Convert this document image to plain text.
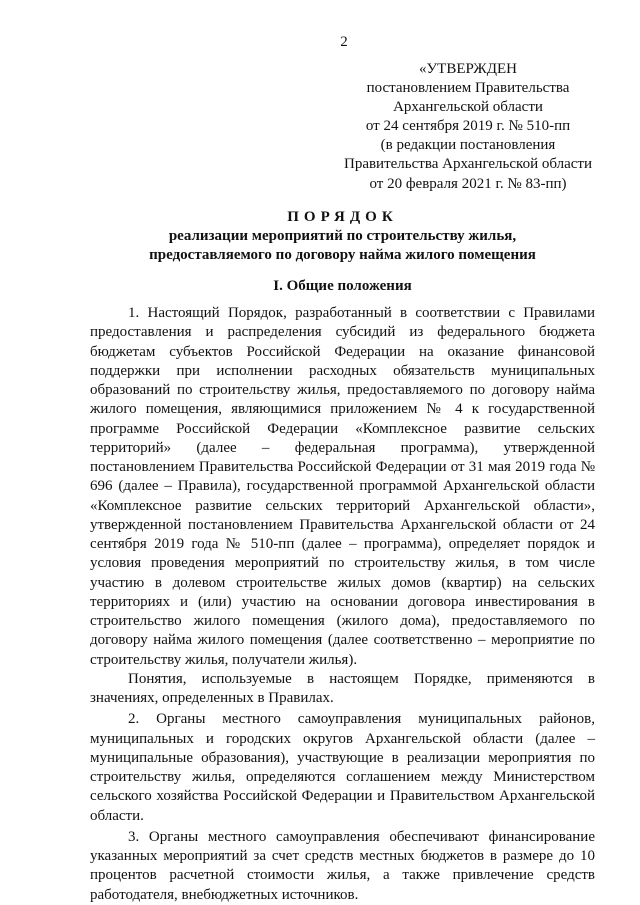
2
«УТВЕРЖДЕН
постановлением Правительства
Архангельской области
от 24 сентября 2019 г. № 510-пп
(в редакции постановления
Правительства Архангельской области
от 20 февраля 2021 г. № 83-пп)
ПОРЯДОК
реализации мероприятий по строительству жилья,
предоставляемого по договору найма жилого помещения
I. Общие положения

1. Настоящий Порядок, разработанный в соответствии с Правилами предоставления и распределения субсидий из федерального бюджета бюджетам субъектов Российской Федерации на оказание финансовой поддержки при исполнении расходных обязательств муниципальных образований по строительству жилья, предоставляемого по договору найма жилого помещения, являющимися приложением № 4 к государственной программе Российской Федерации «Комплексное развитие сельских территорий» (далее – федеральная программа), утвержденной постановлением Правительства Российской Федерации от 31 мая 2019 года № 696 (далее – Правила), государственной программой Архангельской области «Комплексное развитие сельских территорий Архангельской области», утвержденной постановлением Правительства Архангельской области от 24 сентября 2019 года № 510-пп (далее – программа), определяет порядок и условия проведения мероприятий по строительству жилья, в том числе участию в долевом строительстве жилых домов (квартир) на сельских территориях и (или) участию на основании договора инвестирования в строительство жилого помещения (жилого дома), предоставляемого по договору найма жилого помещения (далее соответственно – мероприятие по строительству жилья, получатели жилья).

Понятия, используемые в настоящем Порядке, применяются в значениях, определенных в Правилах.

2. Органы местного самоуправления муниципальных районов, муниципальных и городских округов Архангельской области (далее – муниципальные образования), участвующие в реализации мероприятия по строительству жилья, определяются соглашением между Министерством сельского хозяйства Российской Федерации и Правительством Архангельской области.

3. Органы местного самоуправления обеспечивают финансирование указанных мероприятий за счет средств местных бюджетов в размере до 10 процентов расчетной стоимости жилья, а также привлечение средств работодателя, внебюджетных источников.
